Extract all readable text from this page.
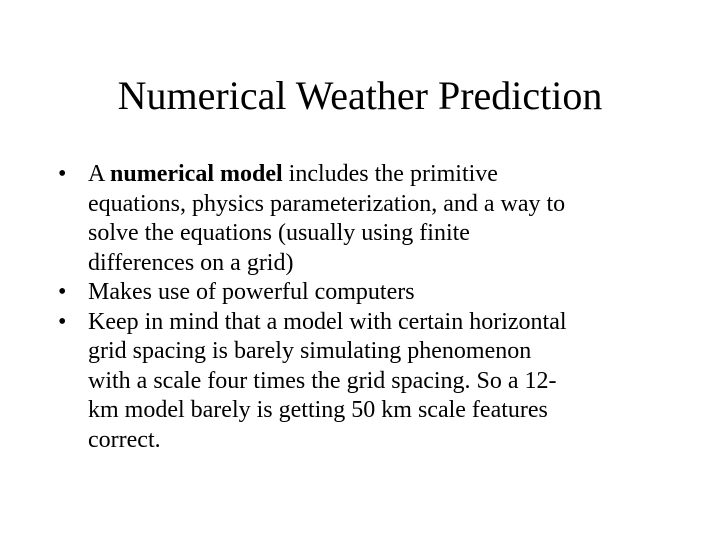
Numerical Weather Prediction
• A numerical model includes the primitive
equations, physics parameterization, and a way to
solve the equations (usually using finite
differences on a grid)
• Makes use of powerful computers
• Keep in mind that a model with certain horizontal
grid spacing is barely simulating phenomenon
with a scale four times the grid spacing. So a 12-
km model barely is getting 50 km scale features
correct.
